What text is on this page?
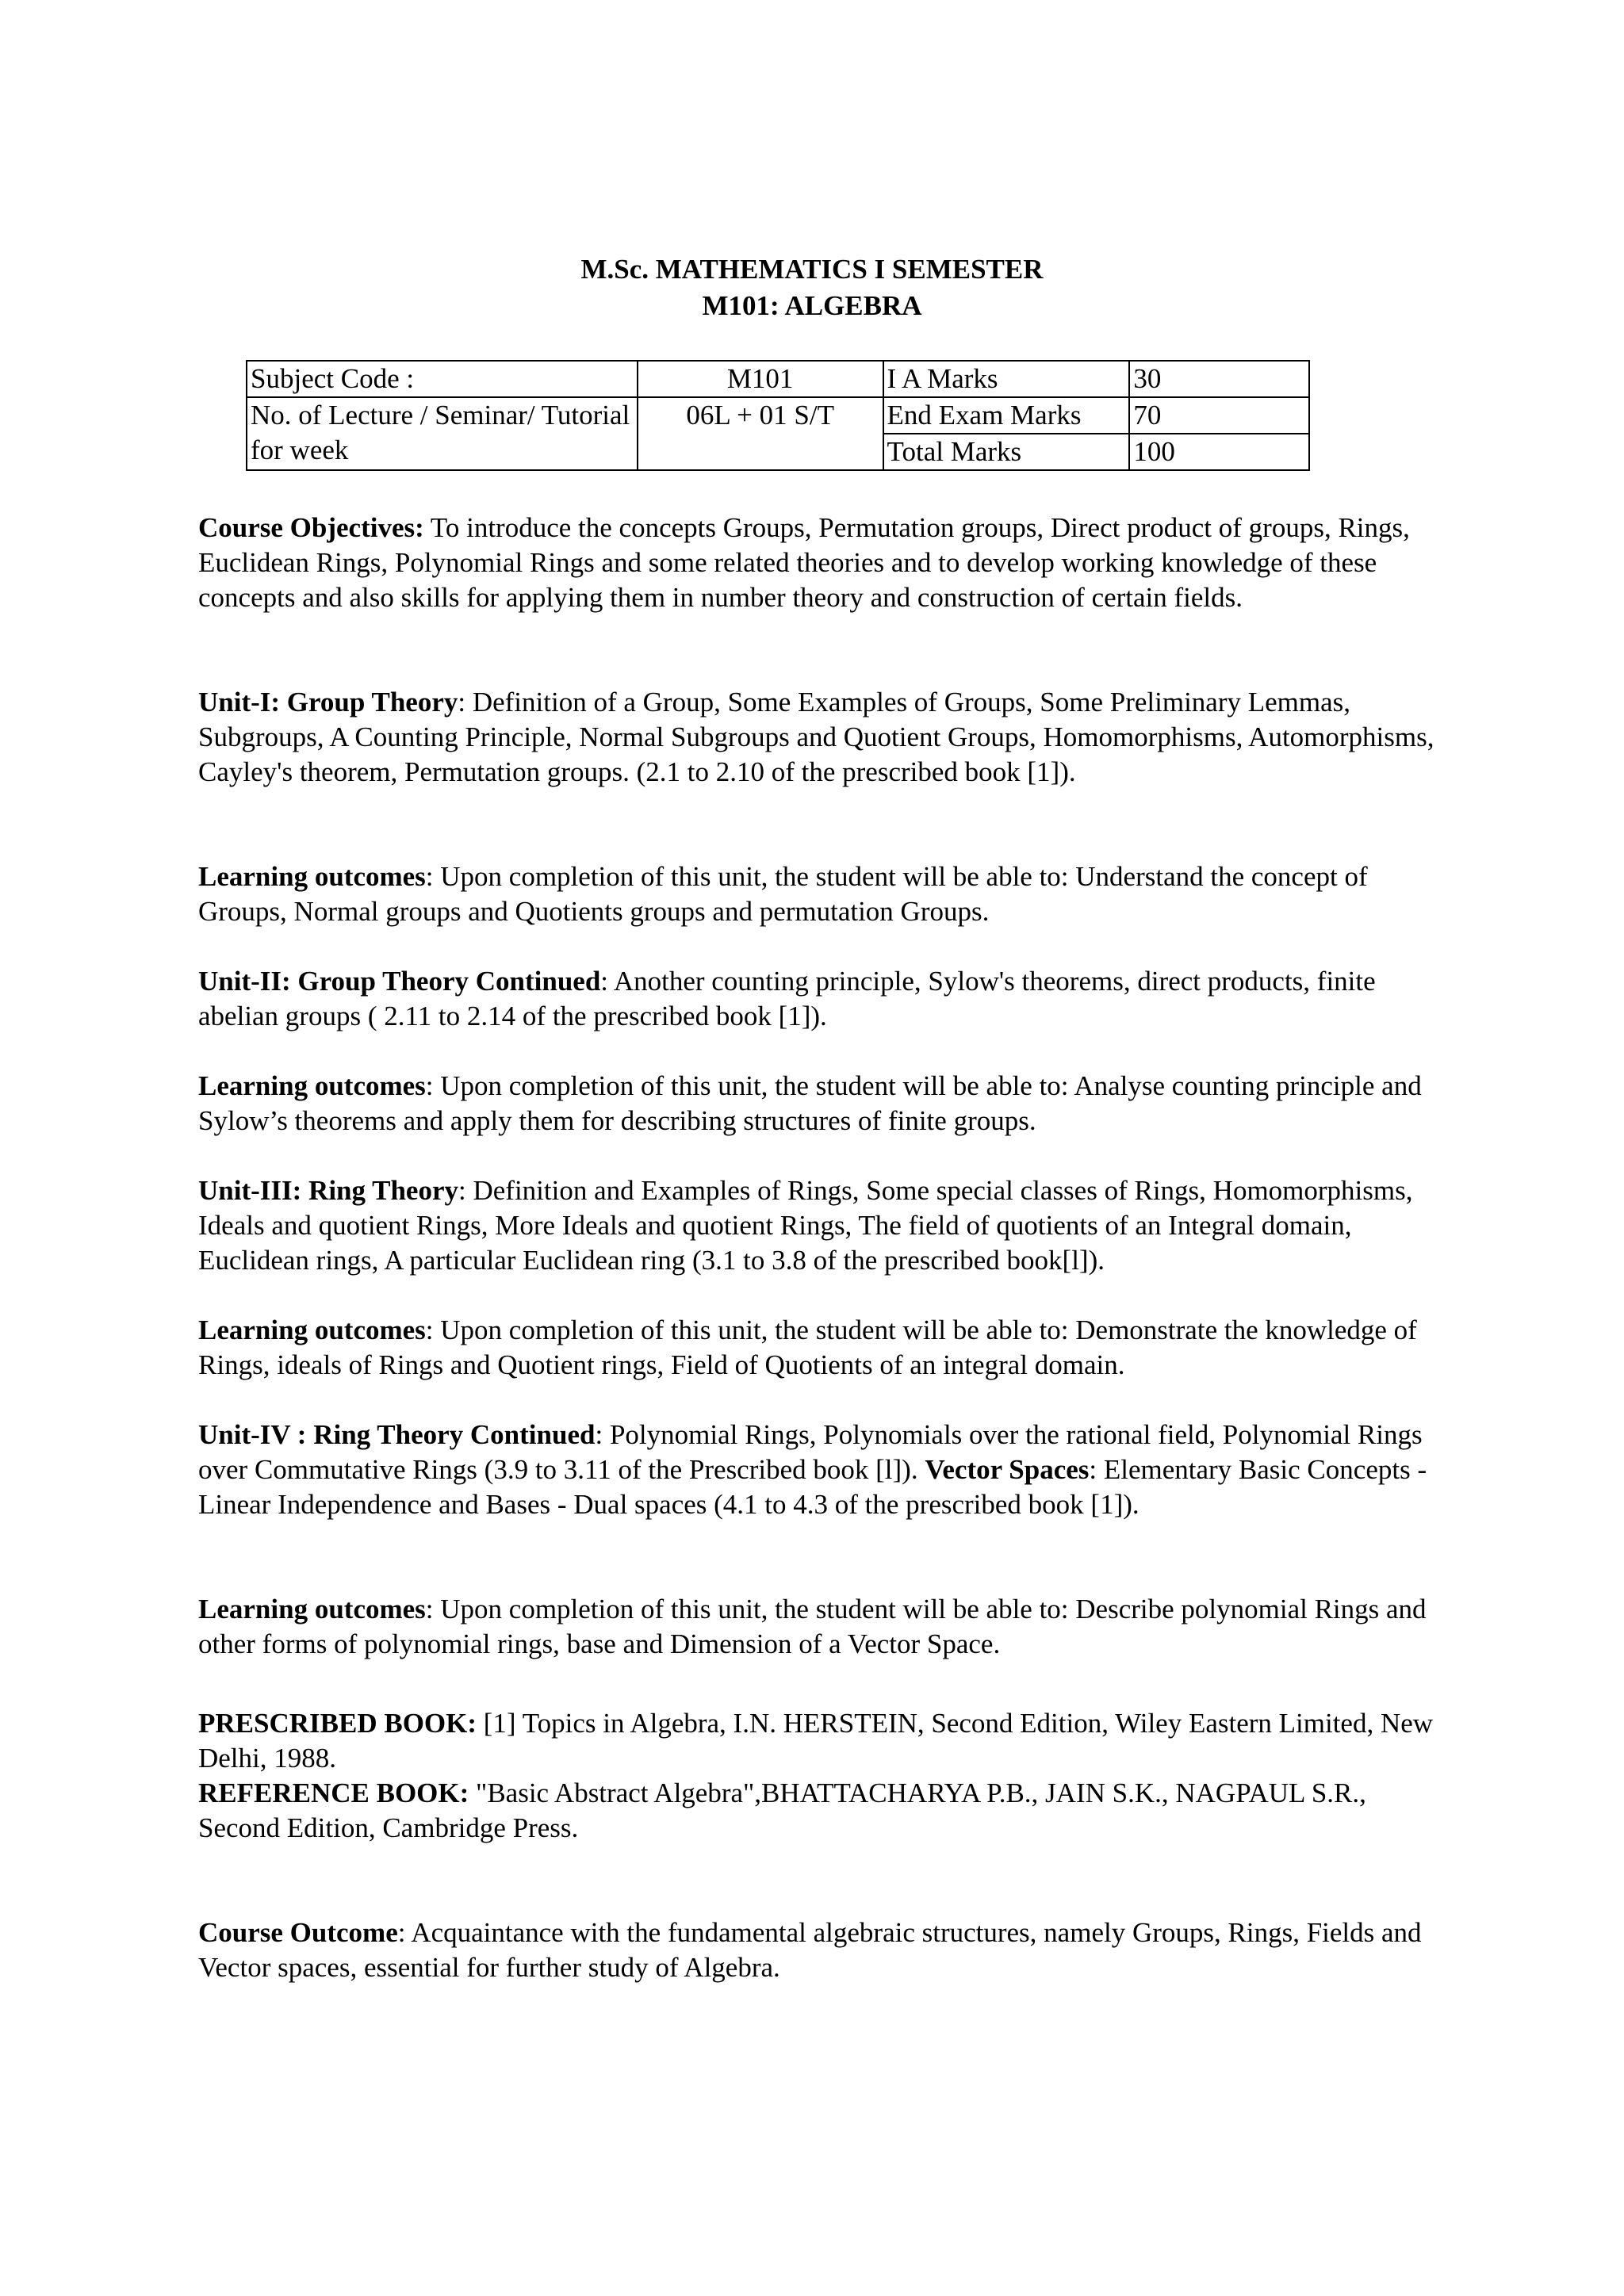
M.Sc. MATHEMATICS I SEMESTER

M101: ALGEBRA

Subject Code :	M101	I A Marks	30
No. of Lecture / Seminar/ Tutorial for week	06L + 01 S/T	End Exam Marks	70
		Total Marks	100

Course Objectives: To introduce the concepts Groups, Permutation groups, Direct product of groups, Rings, Euclidean Rings, Polynomial Rings and some related theories and to develop working knowledge of these concepts and also skills for applying them in number theory and construction of certain fields.

Unit-I: Group Theory: Definition of a Group, Some Examples of Groups, Some Preliminary Lemmas, Subgroups, A Counting Principle, Normal Subgroups and Quotient Groups, Homomorphisms, Automorphisms, Cayley's theorem, Permutation groups. (2.1 to 2.10 of the prescribed book [1]).

Learning outcomes: Upon completion of this unit, the student will be able to: Understand the concept of Groups, Normal groups and Quotients groups and permutation Groups.

Unit-II: Group Theory Continued: Another counting principle, Sylow's theorems, direct products, finite abelian groups ( 2.11 to 2.14 of the prescribed book [1]).

Learning outcomes: Upon completion of this unit, the student will be able to: Analyse counting principle and Sylow’s theorems and apply them for describing structures of finite groups.

Unit-III: Ring Theory: Definition and Examples of Rings, Some special classes of Rings, Homomorphisms, Ideals and quotient Rings, More Ideals and quotient Rings, The field of quotients of an Integral domain, Euclidean rings, A particular Euclidean ring (3.1 to 3.8 of the prescribed book[l]).

Learning outcomes: Upon completion of this unit, the student will be able to: Demonstrate the knowledge of Rings, ideals of Rings and Quotient rings, Field of Quotients of an integral domain.

Unit-IV : Ring Theory Continued: Polynomial Rings, Polynomials over the rational field, Polynomial Rings over Commutative Rings (3.9 to 3.11 of the Prescribed book [l]). Vector Spaces: Elementary Basic Concepts - Linear Independence and Bases - Dual spaces (4.1 to 4.3 of the prescribed book [1]).

Learning outcomes: Upon completion of this unit, the student will be able to: Describe polynomial Rings and other forms of polynomial rings, base and Dimension of a Vector Space.

PRESCRIBED BOOK: [1] Topics in Algebra, I.N. HERSTEIN, Second Edition, Wiley Eastern Limited, New Delhi, 1988.

REFERENCE BOOK: "Basic Abstract Algebra",BHATTACHARYA P.B., JAIN S.K., NAGPAUL S.R., Second Edition, Cambridge Press.

Course Outcome: Acquaintance with the fundamental algebraic structures, namely Groups, Rings, Fields and Vector spaces, essential for further study of Algebra.
